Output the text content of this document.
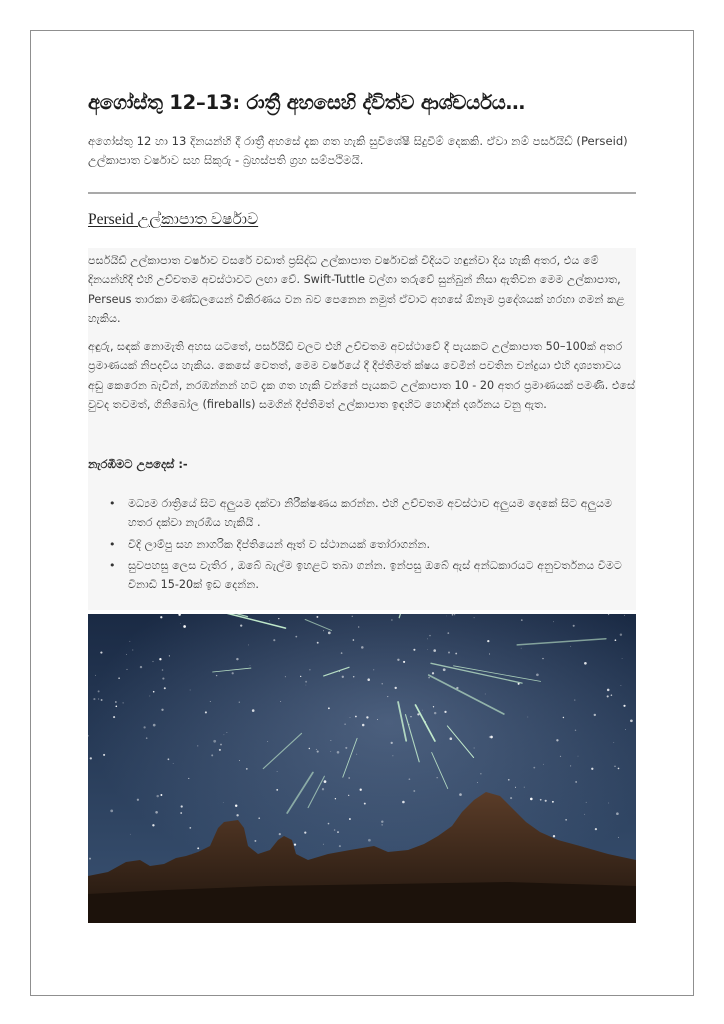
අගෝස්තු 12–13: රාත්‍රී අහසෙහි ද්විත්ව ආශ්චර්යය…

අගෝස්තු 12 හා 13 දිනයන්හි දී රාත්‍රී අහසේ දැක ගත හැකි සුවිශේෂී සිදුවීම් දෙකකි. ඒවා නම් පර්සයිඩ් (Perseid) උල්කාපාත වර්ෂාව සහ සිකුරු - බ්‍රහස්පති ග්‍රහ සම්පථිමයි.

Perseid උල්කාපාත වර්ෂාව

පර්සයිඩ් උල්කාපාත වර්ෂාව වසරේ වඩාත් ප්‍රසිද්ධ උල්කාපාත වර්ෂාවක් විදියට හඳුන්වා දිය හැකි අතර, එය මේ දිනයන්හිදී එහි උච්චතම අවස්ථාවට ලඟා වේ. Swift-Tuttle වල්ගා තරුවේ සුන්බුන් නිසා ඇතිවන මෙම උල්කාපාත, Perseus තාරකා මණ්ඩලයෙන් විකිරණය වන බව පෙනෙන නමුත් ඒවාට අහසේ ඕනෑම ප්‍රදේශයක් හරහා ගමන් කළ හැකිය.

අඳුරු, සඳක් නොමැති අහස යටතේ, පර්සයිඩ් වලට එහි උච්චතම අවස්ථාවේ දී පැයකට උල්කාපාත 50–100ක් අතර ප්‍රමාණයක් නිපදවිය හැකිය. කෙසේ වෙතත්, මෙම වර්ෂයේ දී දීප්තිමත් ක්ෂය වෙමින් පවතින චන්ද්‍රයා එහි දෘශ්‍යතාවය අඩු කෙරෙන බැවින්, නරඹන්නන් හට දැක ගත හැකි වන්නේ පැයකට උල්කාපාත 10 - 20 අතර ප්‍රමාණයක් පමණි. එසේ වුවද තවමත්, ගිනිබෝල (fireballs) සමගින් දීප්තිමත් උල්කාපාත ඉඳහිට හොඳින් දර්ශනය වනු ඇත.

නැරඹීමට උපදෙස් :-

• මධ්‍යම රාත්‍රියේ සිට අලුයම දක්වා නිරීක්ෂණය කරන්න. එහි උච්චතම අවස්ථාව අලුයම දෙකේ සිට අලුයම හතර දක්වා නැරඹිය හැකියි .
• විදි ලාම්පු සහ නාගරික දීප්තියෙන් ඈත් ව ස්ථානයක් තෝරාගන්න.
• සුවපහසු ලෙස වැතිර , ඔබේ බැල්ම ඉහළට තබා ගන්න. ඉන්පසු ඔබේ ඇස් අන්ධකාරයට අනුවර්තනය වීමට විනාඩි 15-20ක් ඉඩ දෙන්න.
